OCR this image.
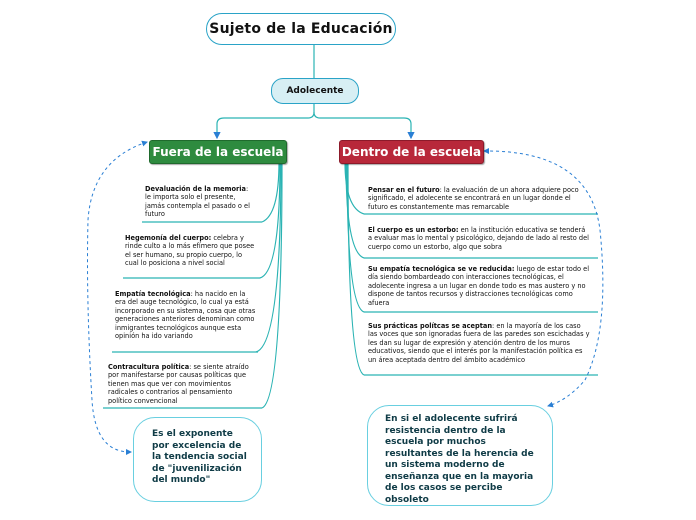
Sujeto de la Educación
Adolecente
Fuera de la escuela	Dentro de la escuela
Devaluación de la memoria: le importa solo el presente, jamás contempla el pasado o el futuro
Hegemonía del cuerpo: celebra y rinde culto a lo más efímero que posee el ser humano, su propio cuerpo, lo cual lo posiciona a nivel social
Empatía tecnológica: ha nacido en la era del auge tecnológico, lo cual ya está incorporado en su sistema, cosa que otras generaciones anteriores denominan como inmigrantes tecnológicos aunque esta opinión ha ido variando
Contracultura política: se siente atraído por manifestarse por causas políticas que tienen mas que ver con movimientos radicales o contrarios al pensamiento político convencional
Pensar en el futuro: la evaluación de un ahora adquiere poco significado, el adolecente se encontrará en un lugar donde el futuro es constantemente mas remarcable
El cuerpo es un estorbo: en la institución educativa se tenderá a evaluar mas lo mental y psicológico, dejando de lado al resto del cuerpo como un estorbo, algo que sobra
Su empatía tecnológica se ve reducida: luego de estar todo el día siendo bombardeado con interacciones tecnológicas, el adolecente ingresa a un lugar en donde todo es mas austero y no dispone de tantos recursos y distracciones tecnológicas como afuera
Sus prácticas polítcas se aceptan: en la mayoría de los caso las voces que son ignoradas fuera de las paredes son escichadas y les dan su lugar de expresión y atención dentro de los muros educativos, siendo que el interés por la manifestación política es un área aceptada dentro del ámbito académico
Es el exponente por excelencia de la tendencia social de "juvenilización del mundo"
En si el adolecente sufrirá resistencia dentro de la escuela por muchos resultantes de la herencia de un sistema moderno de enseñanza que en la mayoria de los casos se percibe obsoleto
